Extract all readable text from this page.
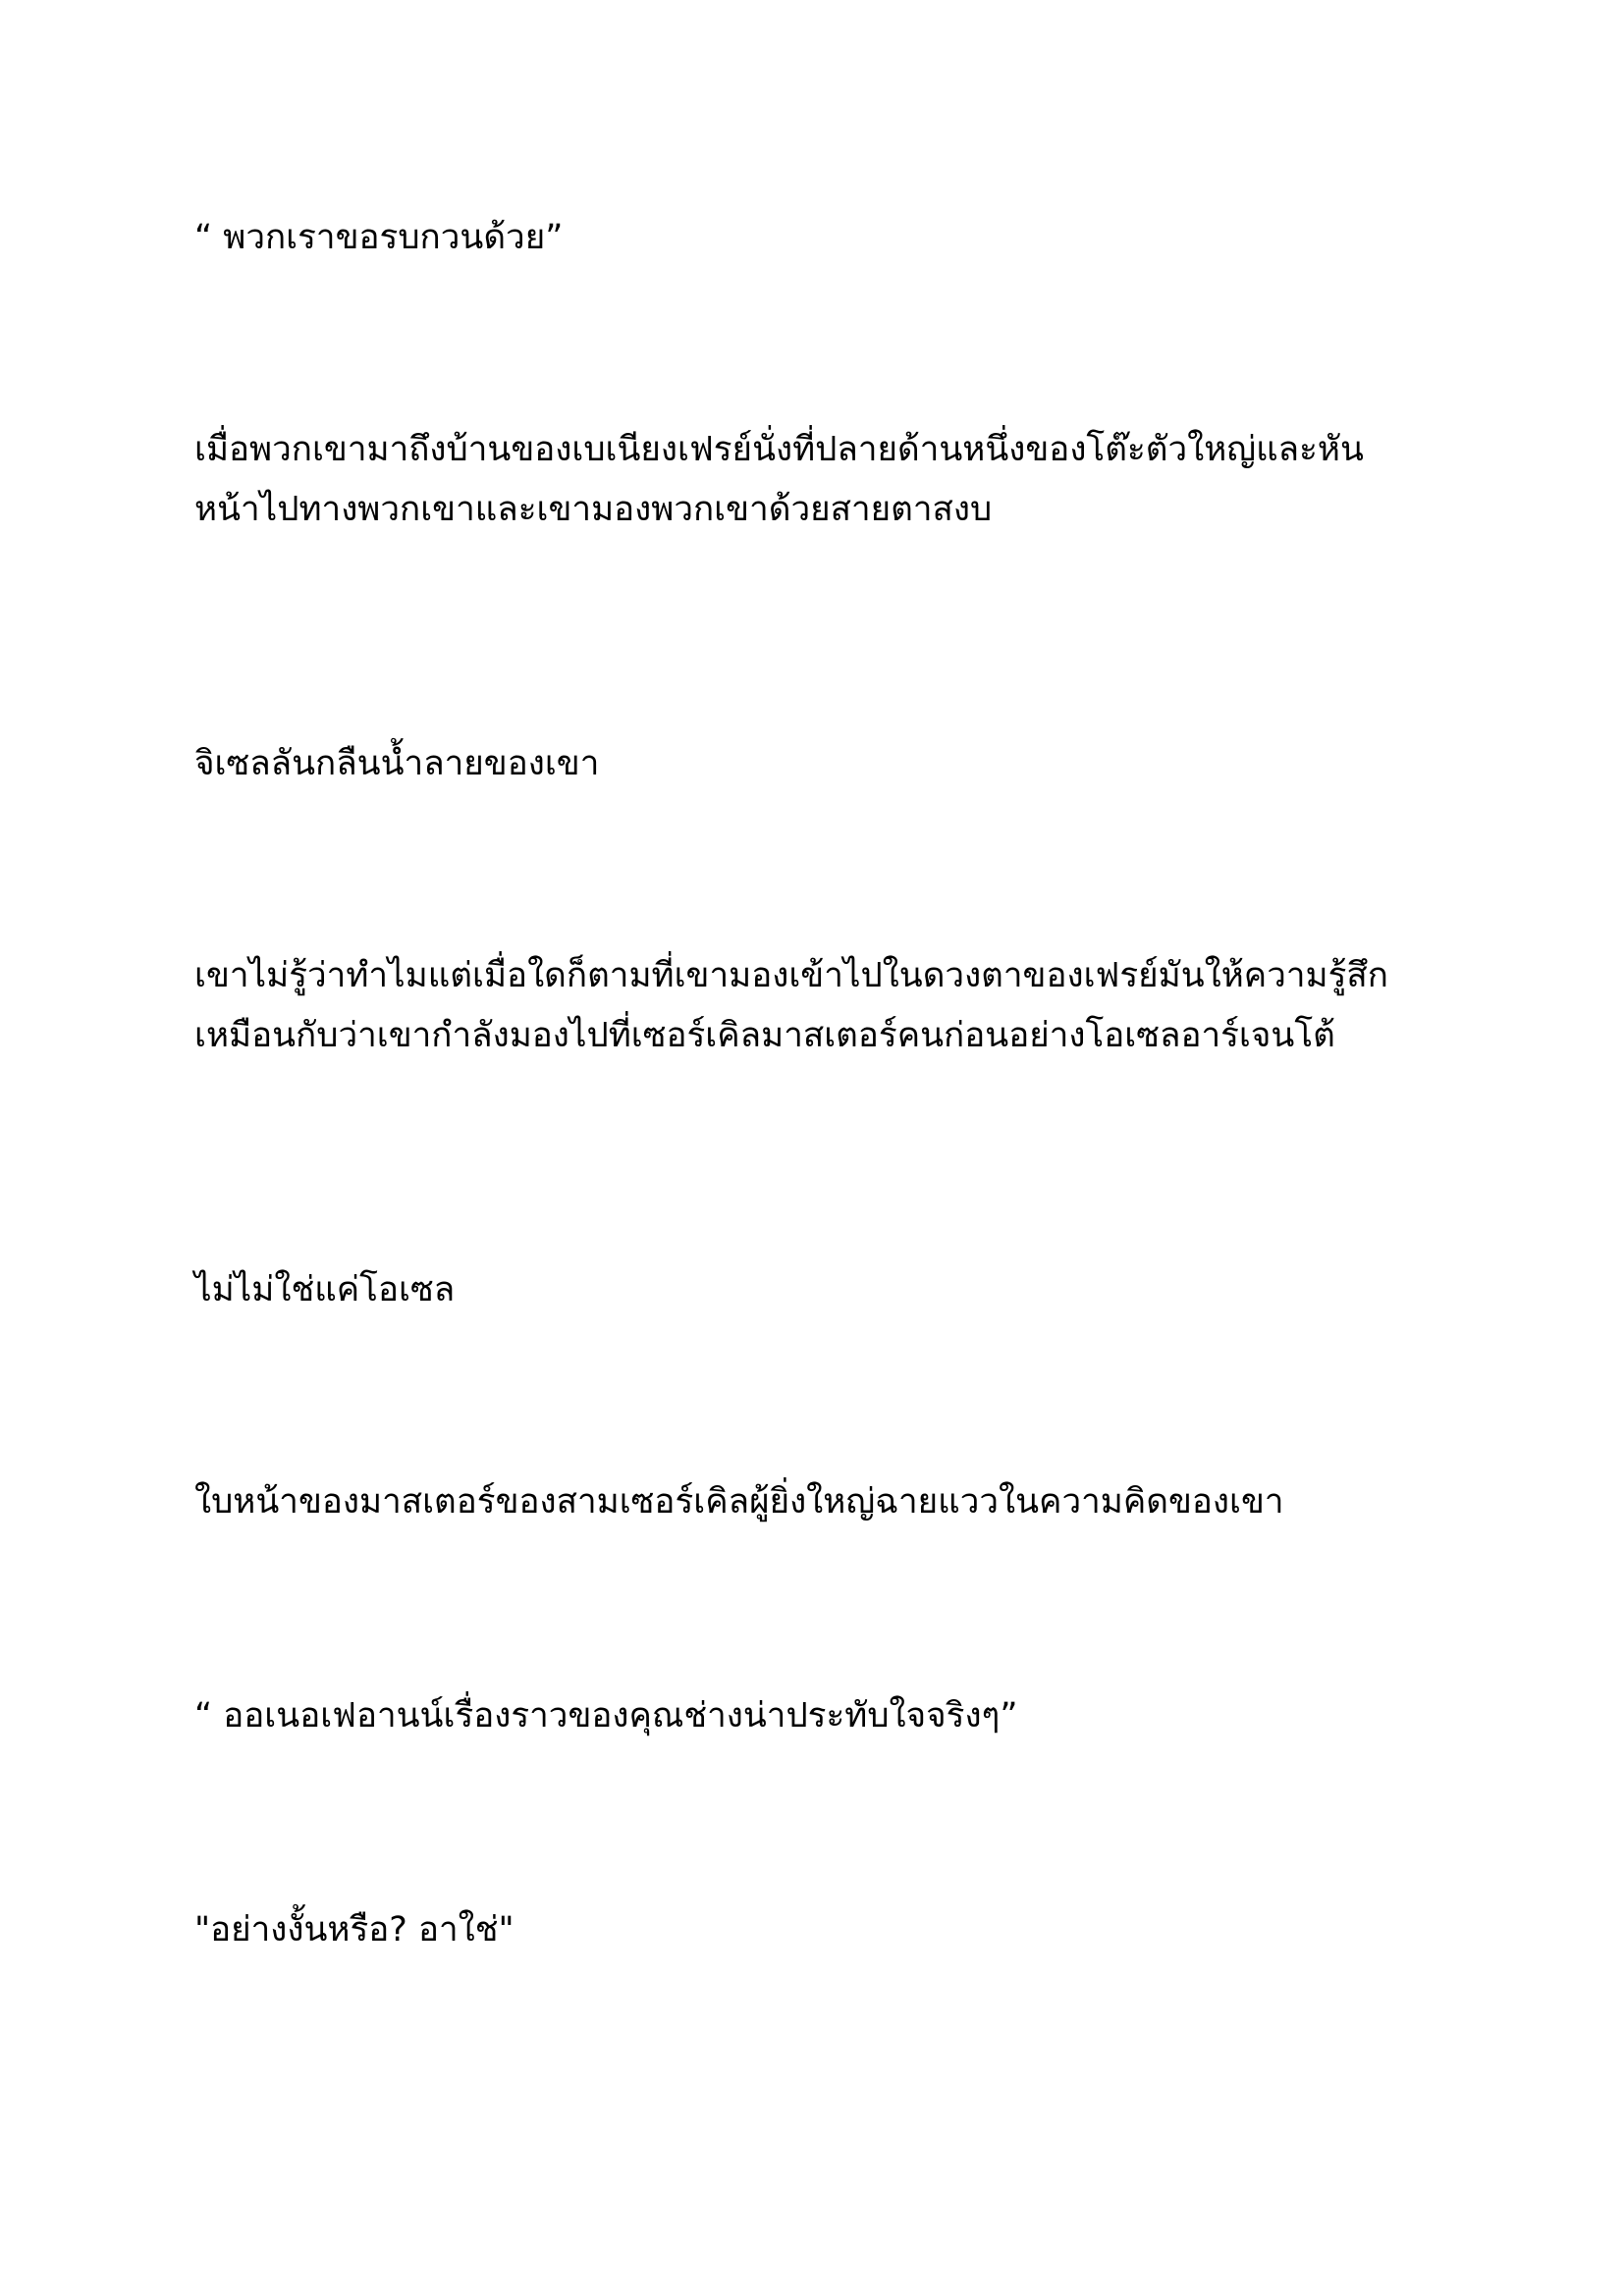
“ พวกเราขอรบกวนด้วย”

เมื่อพวกเขามาถึงบ้านของเบเนียงเฟรย์นั่งที่ปลายด้านหนึ่งของโต๊ะตัวใหญ่และหัน
หน้าไปทางพวกเขาและเขามองพวกเขาด้วยสายตาสงบ

จิเซลลันกลืนน้ำลายของเขา

เขาไม่รู้ว่าทำไมแต่เมื่อใดก็ตามที่เขามองเข้าไปในดวงตาของเฟรย์มันให้ความรู้สึก
เหมือนกับว่าเขากำลังมองไปที่เซอร์เคิลมาสเตอร์คนก่อนอย่างโอเซลอาร์เจนโต้

ไม่ไม่ใช่แค่โอเซล

ใบหน้าของมาสเตอร์ของสามเซอร์เคิลผู้ยิ่งใหญ่ฉายแววในความคิดของเขา

“ ออเนอเฟอานน์เรื่องราวของคุณช่างน่าประทับใจจริงๆ”

"อย่างงั้นหรือ? อาใช่"
